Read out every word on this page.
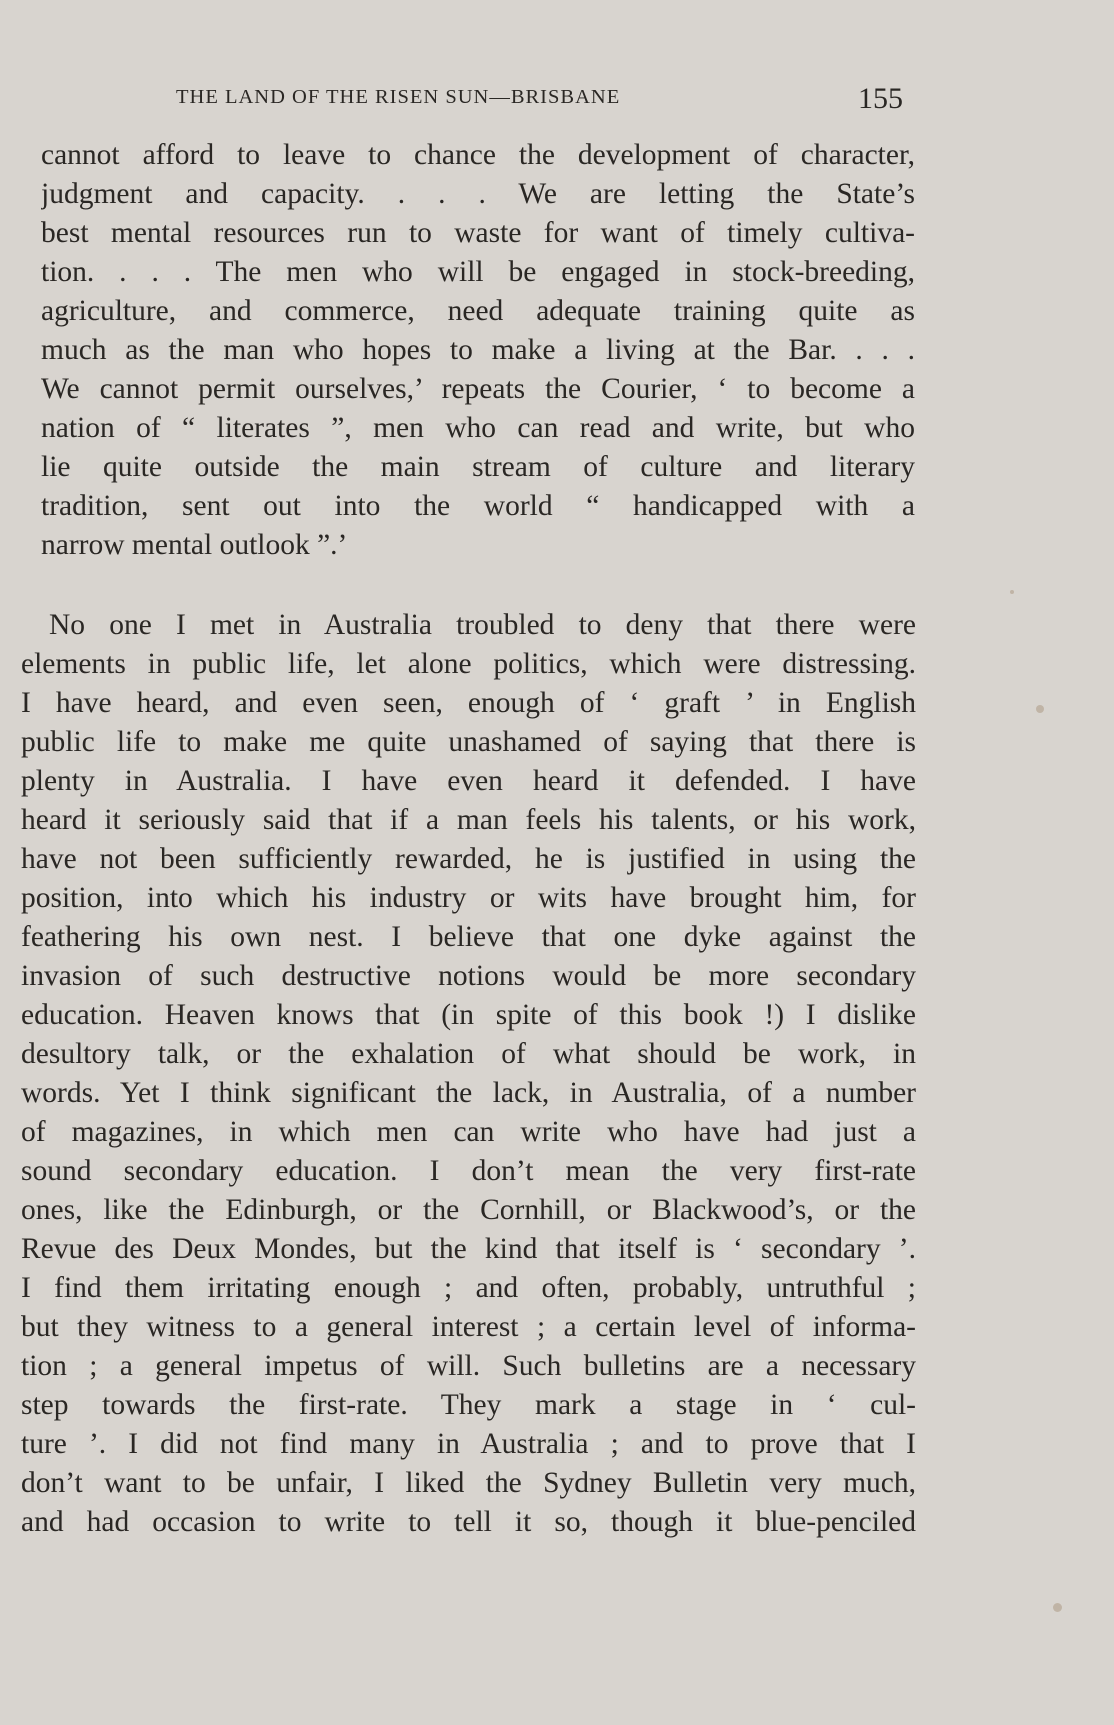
THE LAND OF THE RISEN SUN—BRISBANE	155
cannot afford to leave to chance the development of character,
judgment and capacity. . . . We are letting the State’s
best mental resources run to waste for want of timely cultiva-
tion. . . . The men who will be engaged in stock-breeding,
agriculture, and commerce, need adequate training quite as
much as the man who hopes to make a living at the Bar. . . .
We cannot permit ourselves,’ repeats the Courier, ‘ to become a
nation of “ literates ”, men who can read and write, but who
lie quite outside the main stream of culture and literary
tradition, sent out into the world “ handicapped with a
narrow mental outlook ”.’
No one I met in Australia troubled to deny that there were
elements in public life, let alone politics, which were distressing.
I have heard, and even seen, enough of ‘ graft ’ in English
public life to make me quite unashamed of saying that there is
plenty in Australia. I have even heard it defended. I have
heard it seriously said that if a man feels his talents, or his work,
have not been sufficiently rewarded, he is justified in using the
position, into which his industry or wits have brought him, for
feathering his own nest. I believe that one dyke against the
invasion of such destructive notions would be more secondary
education. Heaven knows that (in spite of this book !) I dislike
desultory talk, or the exhalation of what should be work, in
words. Yet I think significant the lack, in Australia, of a number
of magazines, in which men can write who have had just a
sound secondary education. I don’t mean the very first-rate
ones, like the Edinburgh, or the Cornhill, or Blackwood’s, or the
Revue des Deux Mondes, but the kind that itself is ‘ secondary ’.
I find them irritating enough ; and often, probably, untruthful ;
but they witness to a general interest ; a certain level of informa-
tion ; a general impetus of will. Such bulletins are a necessary
step towards the first-rate. They mark a stage in ‘ cul-
ture ’. I did not find many in Australia ; and to prove that I
don’t want to be unfair, I liked the Sydney Bulletin very much,
and had occasion to write to tell it so, though it blue-penciled
